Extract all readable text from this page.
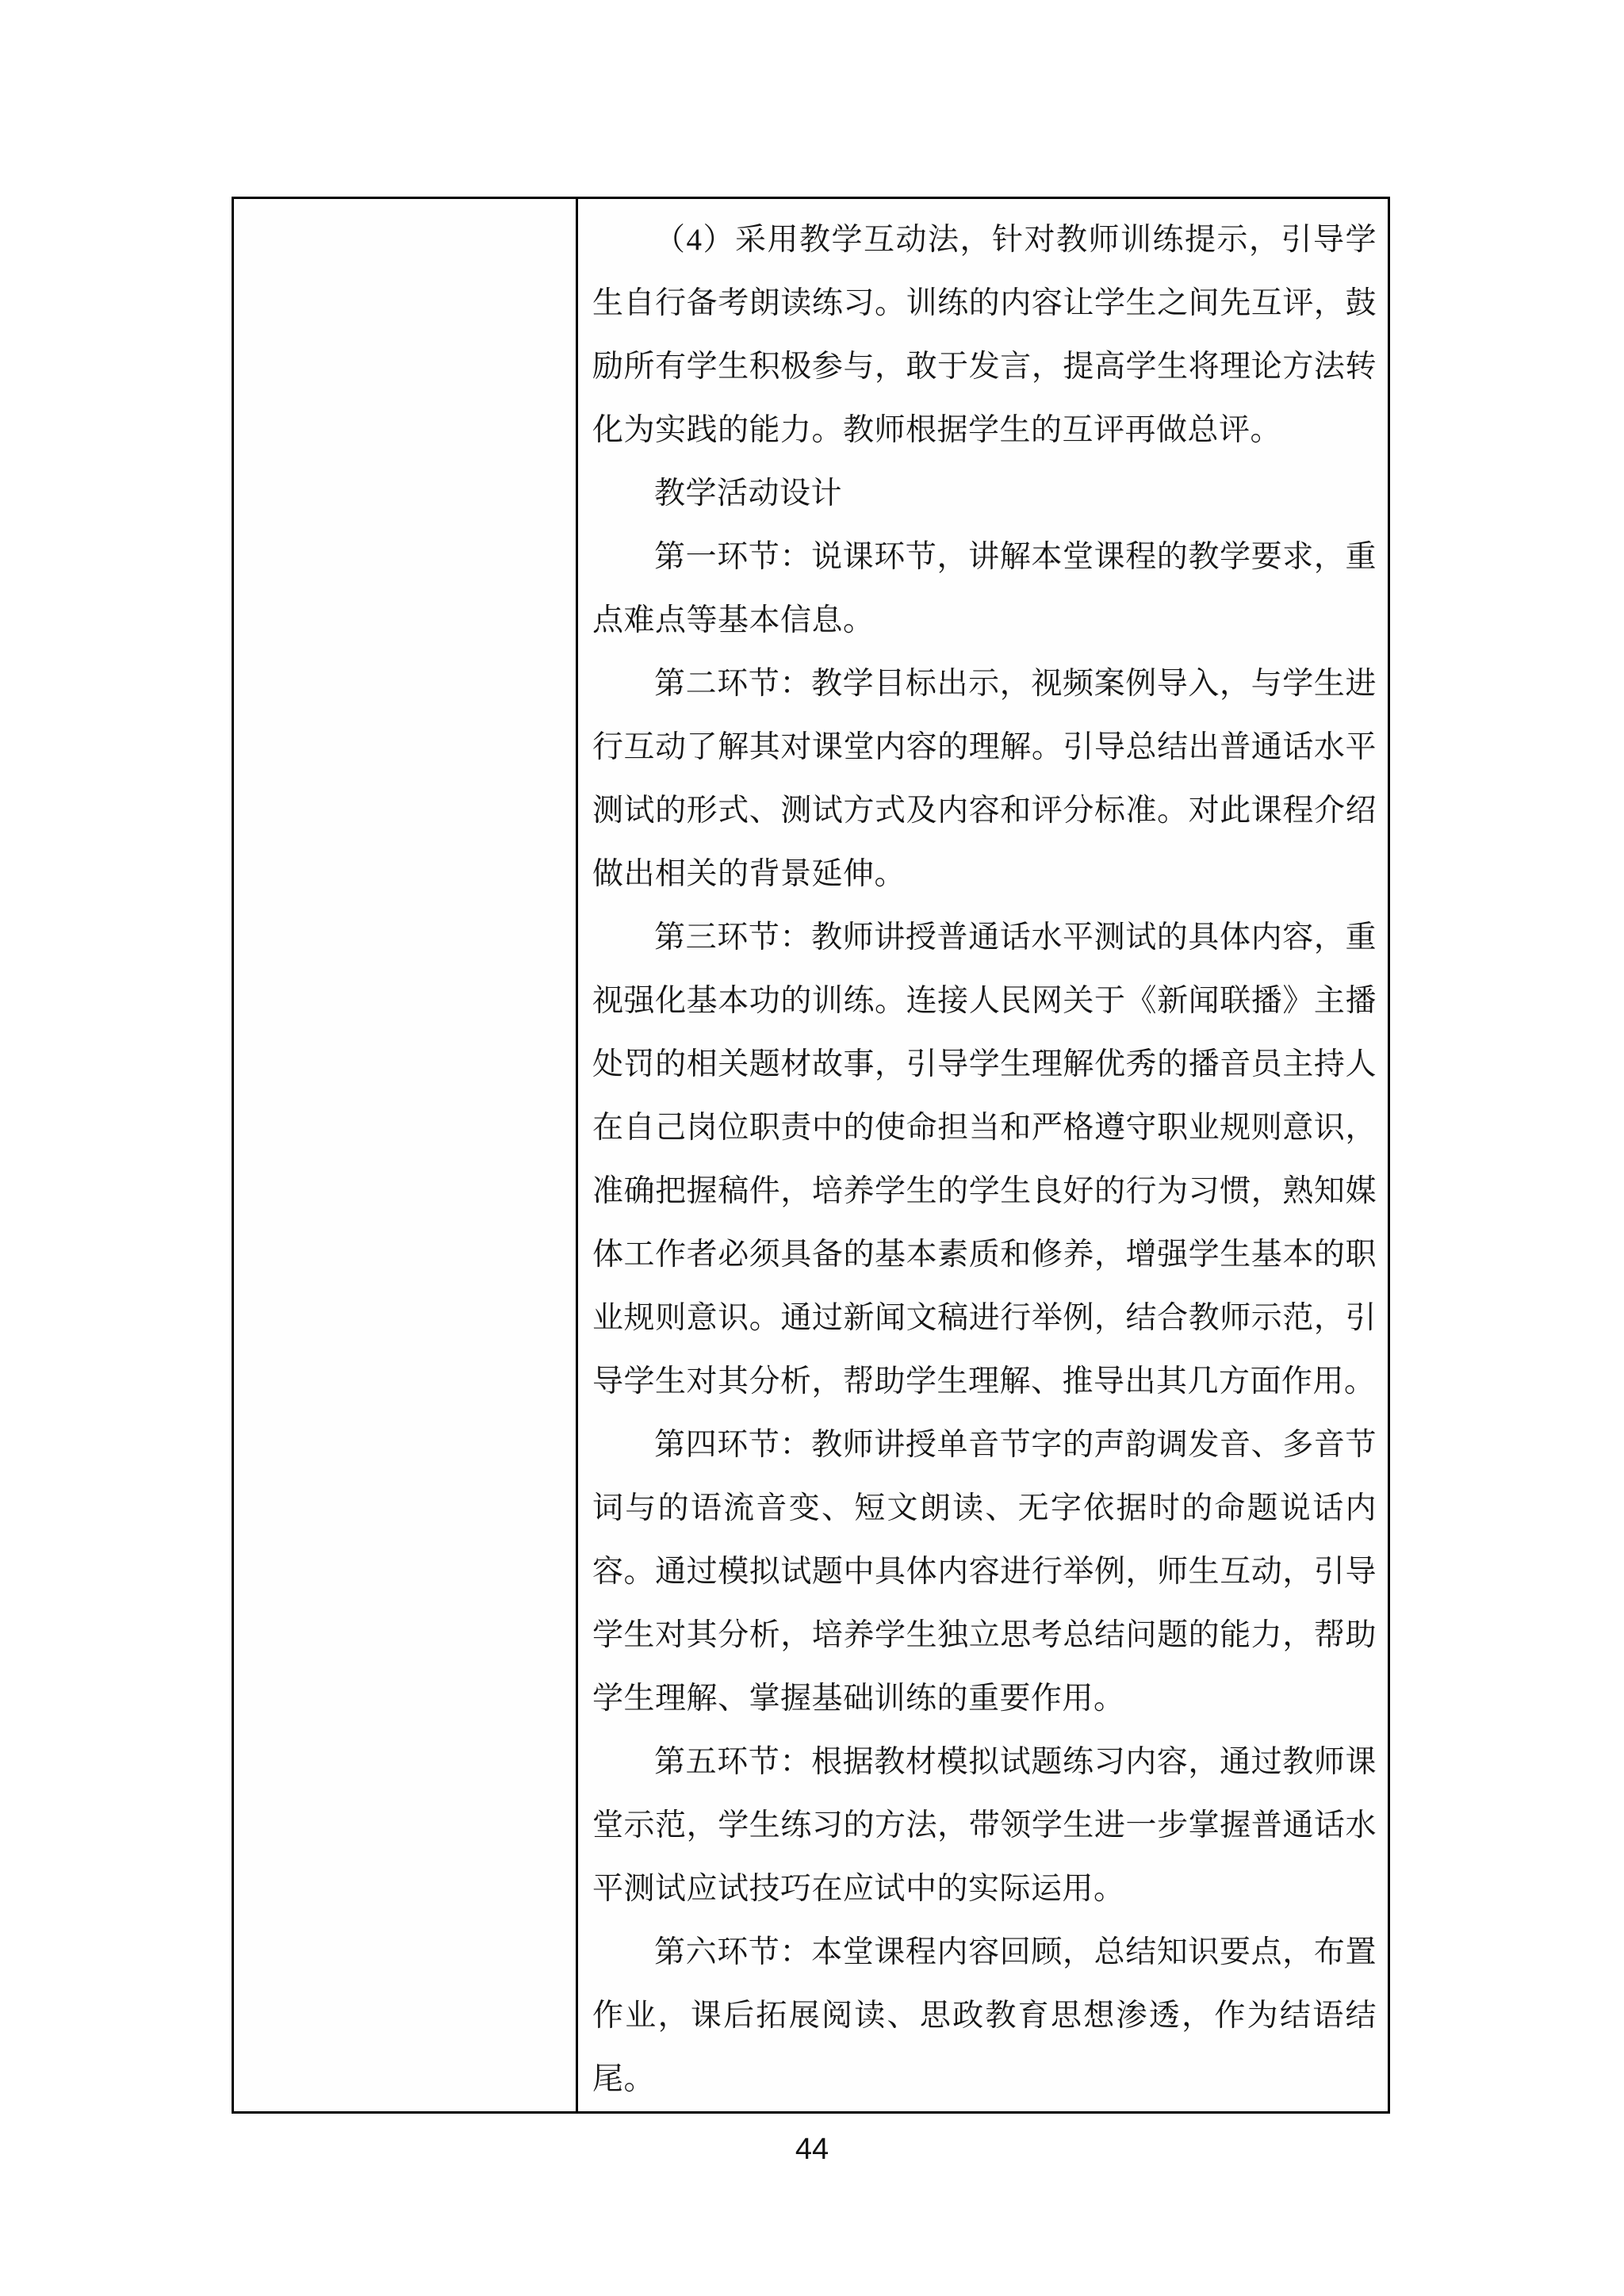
（4）采用教学互动法，针对教师训练提示，引导学生自行备考朗读练习。训练的内容让学生之间先互评，鼓励所有学生积极参与，敢于发言，提高学生将理论方法转化为实践的能力。教师根据学生的互评再做总评。

教学活动设计

第一环节：说课环节，讲解本堂课程的教学要求，重点难点等基本信息。

第二环节：教学目标出示，视频案例导入，与学生进行互动了解其对课堂内容的理解。引导总结出普通话水平测试的形式、测试方式及内容和评分标准。对此课程介绍做出相关的背景延伸。

第三环节：教师讲授普通话水平测试的具体内容，重视强化基本功的训练。连接人民网关于《新闻联播》主播处罚的相关题材故事，引导学生理解优秀的播音员主持人在自己岗位职责中的使命担当和严格遵守职业规则意识，准确把握稿件，培养学生的学生良好的行为习惯，熟知媒体工作者必须具备的基本素质和修养，增强学生基本的职业规则意识。通过新闻文稿进行举例，结合教师示范，引导学生对其分析，帮助学生理解、推导出其几方面作用。

第四环节：教师讲授单音节字的声韵调发音、多音节词与的语流音变、短文朗读、无字依据时的命题说话内容。通过模拟试题中具体内容进行举例，师生互动，引导学生对其分析，培养学生独立思考总结问题的能力，帮助学生理解、掌握基础训练的重要作用。

第五环节：根据教材模拟试题练习内容，通过教师课堂示范，学生练习的方法，带领学生进一步掌握普通话水平测试应试技巧在应试中的实际运用。

第六环节：本堂课程内容回顾，总结知识要点，布置作业，课后拓展阅读、思政教育思想渗透，作为结语结尾。

44
